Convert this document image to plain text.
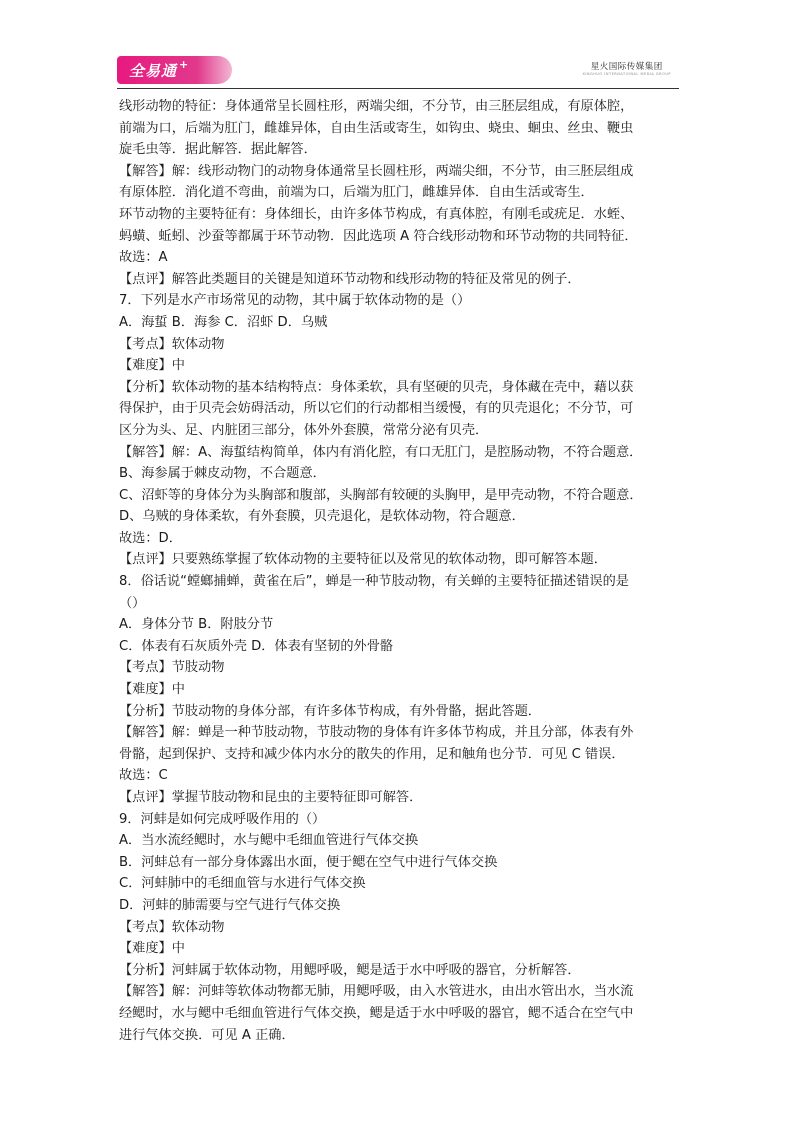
全易通 +	星火国际传媒集团
XINGHUO INTERNATIONAL MEDIA GROUP
线形动物的特征：身体通常呈长圆柱形，两端尖细，不分节，由三胚层组成，有原体腔，
前端为口，后端为肛门，雌雄异体，自由生活或寄生，如钩虫、蛲虫、蛔虫、丝虫、鞭虫
旋毛虫等．据此解答．据此解答．
【解答】解：线形动物门的动物身体通常呈长圆柱形，两端尖细，不分节，由三胚层组成
有原体腔．消化道不弯曲，前端为口，后端为肛门，雌雄异体．自由生活或寄生．
环节动物的主要特征有：身体细长，由许多体节构成，有真体腔，有刚毛或疣足．水蛭、
蚂蟥、蚯蚓、沙蚕等都属于环节动物．因此选项 A 符合线形动物和环节动物的共同特征．
故选：A
【点评】解答此类题目的关键是知道环节动物和线形动物的特征及常见的例子．
7．下列是水产市场常见的动物，其中属于软体动物的是（）
A．海蜇 B．海参 C．沼虾 D．乌贼
【考点】软体动物
【难度】中
【分析】软体动物的基本结构特点：身体柔软，具有坚硬的贝壳，身体藏在壳中，藉以获
得保护，由于贝壳会妨碍活动，所以它们的行动都相当缓慢，有的贝壳退化；不分节，可
区分为头、足、内脏团三部分，体外外套膜，常常分泌有贝壳．
【解答】解：A、海蜇结构简单，体内有消化腔，有口无肛门，是腔肠动物，不符合题意．
B、海参属于棘皮动物，不合题意．
C、沼虾等的身体分为头胸部和腹部，头胸部有较硬的头胸甲，是甲壳动物，不符合题意．
D、乌贼的身体柔软，有外套膜，贝壳退化，是软体动物，符合题意．
故选：D．
【点评】只要熟练掌握了软体动物的主要特征以及常见的软体动物，即可解答本题．
8．俗话说“螳螂捕蝉，黄雀在后”，蝉是一种节肢动物，有关蝉的主要特征描述错误的是
（）
A．身体分节 B．附肢分节
C．体表有石灰质外壳 D．体表有坚韧的外骨骼
【考点】节肢动物
【难度】中
【分析】节肢动物的身体分部，有许多体节构成，有外骨骼，据此答题．
【解答】解：蝉是一种节肢动物，节肢动物的身体有许多体节构成，并且分部，体表有外
骨骼，起到保护、支持和减少体内水分的散失的作用，足和触角也分节．可见 C 错误．
故选：C
【点评】掌握节肢动物和昆虫的主要特征即可解答．
9．河蚌是如何完成呼吸作用的（）
A．当水流经鳃时，水与鳃中毛细血管进行气体交换
B．河蚌总有一部分身体露出水面，便于鳃在空气中进行气体交换
C．河蚌肺中的毛细血管与水进行气体交换
D．河蚌的肺需要与空气进行气体交换
【考点】软体动物
【难度】中
【分析】河蚌属于软体动物，用鳃呼吸，鳃是适于水中呼吸的器官，分析解答．
【解答】解：河蚌等软体动物都无肺，用鳃呼吸，由入水管进水，由出水管出水，当水流
经鳃时，水与鳃中毛细血管进行气体交换，鳃是适于水中呼吸的器官，鳃不适合在空气中
进行气体交换．可见 A 正确．
